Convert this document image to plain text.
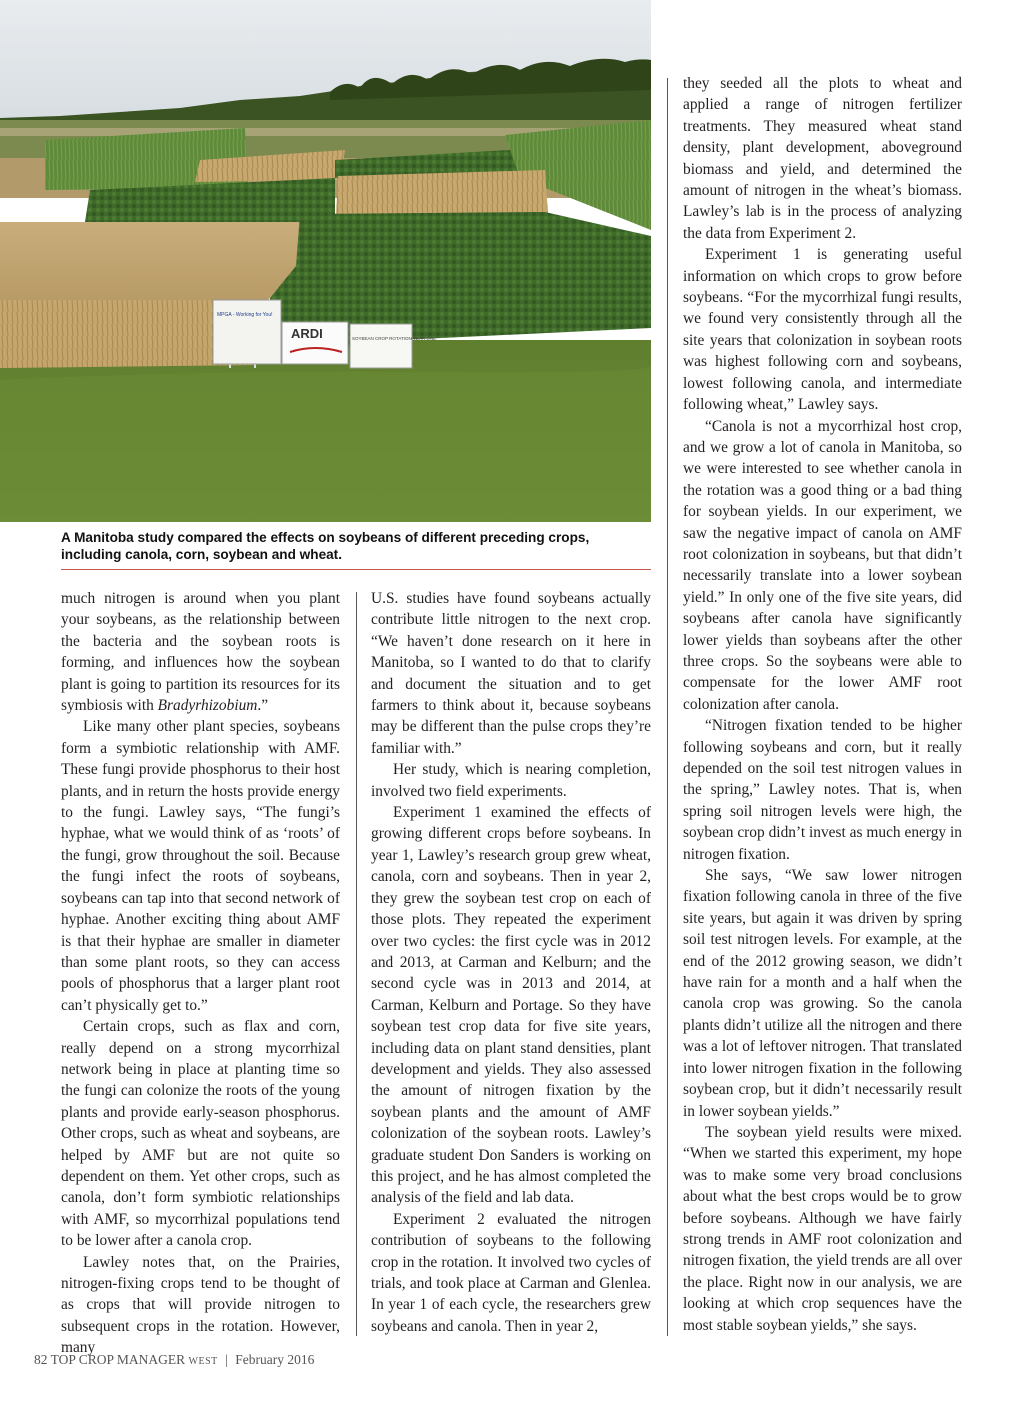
MPGA - Working for You!
ARDI	SOYBEAN CROP ROTATION YEAR ONE

A Manitoba study compared the effects on soybeans of different preceding crops, including canola, corn, soybean and wheat.

much nitrogen is around when you plant your soybeans, as the relationship between the bacteria and the soybean roots is forming, and influences how the soybean plant is going to partition its resources for its symbiosis with Bradyrhizobium.”

Like many other plant species, soybeans form a symbiotic relationship with AMF. These fungi provide phosphorus to their host plants, and in return the hosts provide energy to the fungi. Lawley says, “The fungi’s hyphae, what we would think of as ‘roots’ of the fungi, grow throughout the soil. Because the fungi infect the roots of soybeans, soybeans can tap into that second network of hyphae. Another exciting thing about AMF is that their hyphae are smaller in diameter than some plant roots, so they can access pools of phosphorus that a larger plant root can’t physically get to.”

Certain crops, such as flax and corn, really depend on a strong mycorrhizal network being in place at planting time so the fungi can colonize the roots of the young plants and provide early-season phosphorus. Other crops, such as wheat and soybeans, are helped by AMF but are not quite so dependent on them. Yet other crops, such as canola, don’t form symbiotic relationships with AMF, so mycorrhizal populations tend to be lower after a canola crop.

Lawley notes that, on the Prairies, nitrogen-fixing crops tend to be thought of as crops that will provide nitrogen to subsequent crops in the rotation. However, many

U.S. studies have found soybeans actually contribute little nitrogen to the next crop. “We haven’t done research on it here in Manitoba, so I wanted to do that to clarify and document the situation and to get farmers to think about it, because soybeans may be different than the pulse crops they’re familiar with.”

Her study, which is nearing completion, involved two field experiments.

Experiment 1 examined the effects of growing different crops before soybeans. In year 1, Lawley’s research group grew wheat, canola, corn and soybeans. Then in year 2, they grew the soybean test crop on each of those plots. They repeated the experiment over two cycles: the first cycle was in 2012 and 2013, at Carman and Kelburn; and the second cycle was in 2013 and 2014, at Carman, Kelburn and Portage. So they have soybean test crop data for five site years, including data on plant stand densities, plant development and yields. They also assessed the amount of nitrogen fixation by the soybean plants and the amount of AMF colonization of the soybean roots. Lawley’s graduate student Don Sanders is working on this project, and he has almost completed the analysis of the field and lab data.

Experiment 2 evaluated the nitrogen contribution of soybeans to the following crop in the rotation. It involved two cycles of trials, and took place at Carman and Glenlea. In year 1 of each cycle, the researchers grew soybeans and canola. Then in year 2,

they seeded all the plots to wheat and applied a range of nitrogen fertilizer treatments. They measured wheat stand density, plant development, aboveground biomass and yield, and determined the amount of nitrogen in the wheat’s biomass. Lawley’s lab is in the process of analyzing the data from Experiment 2.

Experiment 1 is generating useful information on which crops to grow before soybeans. “For the mycorrhizal fungi results, we found very consistently through all the site years that colonization in soybean roots was highest following corn and soybeans, lowest following canola, and intermediate following wheat,” Lawley says.

“Canola is not a mycorrhizal host crop, and we grow a lot of canola in Manitoba, so we were interested to see whether canola in the rotation was a good thing or a bad thing for soybean yields. In our experiment, we saw the negative impact of canola on AMF root colonization in soybeans, but that didn’t necessarily translate into a lower soybean yield.” In only one of the five site years, did soybeans after canola have significantly lower yields than soybeans after the other three crops. So the soybeans were able to compensate for the lower AMF root colonization after canola.

“Nitrogen fixation tended to be higher following soybeans and corn, but it really depended on the soil test nitrogen values in the spring,” Lawley notes. That is, when spring soil nitrogen levels were high, the soybean crop didn’t invest as much energy in nitrogen fixation.

She says, “We saw lower nitrogen fixation following canola in three of the five site years, but again it was driven by spring soil test nitrogen levels. For example, at the end of the 2012 growing season, we didn’t have rain for a month and a half when the canola crop was growing. So the canola plants didn’t utilize all the nitrogen and there was a lot of leftover nitrogen. That translated into lower nitrogen fixation in the following soybean crop, but it didn’t necessarily result in lower soybean yields.”

The soybean yield results were mixed. “When we started this experiment, my hope was to make some very broad conclusions about what the best crops would be to grow before soybeans. Although we have fairly strong trends in AMF root colonization and nitrogen fixation, the yield trends are all over the place. Right now in our analysis, we are looking at which crop sequences have the most stable soybean yields,” she says.

82 TOP CROP MANAGER WEST | February 2016
